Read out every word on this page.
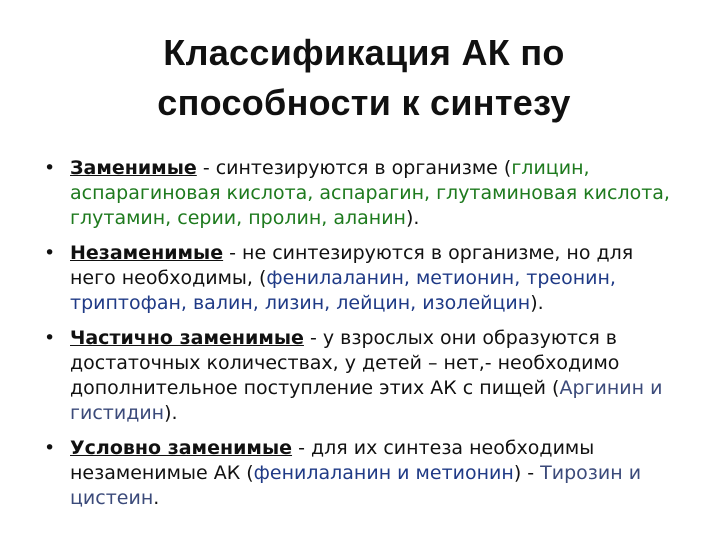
Классификация АК по
способности к синтезу
• Заменимые - синтезируются в организме (глицин, аспарагиновая кислота, аспарагин, глутаминовая кислота, глутамин, серии, пролин, аланин).
• Незаменимые - не синтезируются в организме, но для него необходимы, (фенилаланин, метионин, треонин, триптофан, валин, лизин, лейцин, изолейцин).
• Частично заменимые - у взрослых они образуются в достаточных количествах, у детей – нет,- необходимо дополнительное поступление этих АК с пищей (Аргинин и гистидин).
• Условно заменимые - для их синтеза необходимы незаменимые АК (фенилаланин и метионин) - Тирозин и цистеин.
